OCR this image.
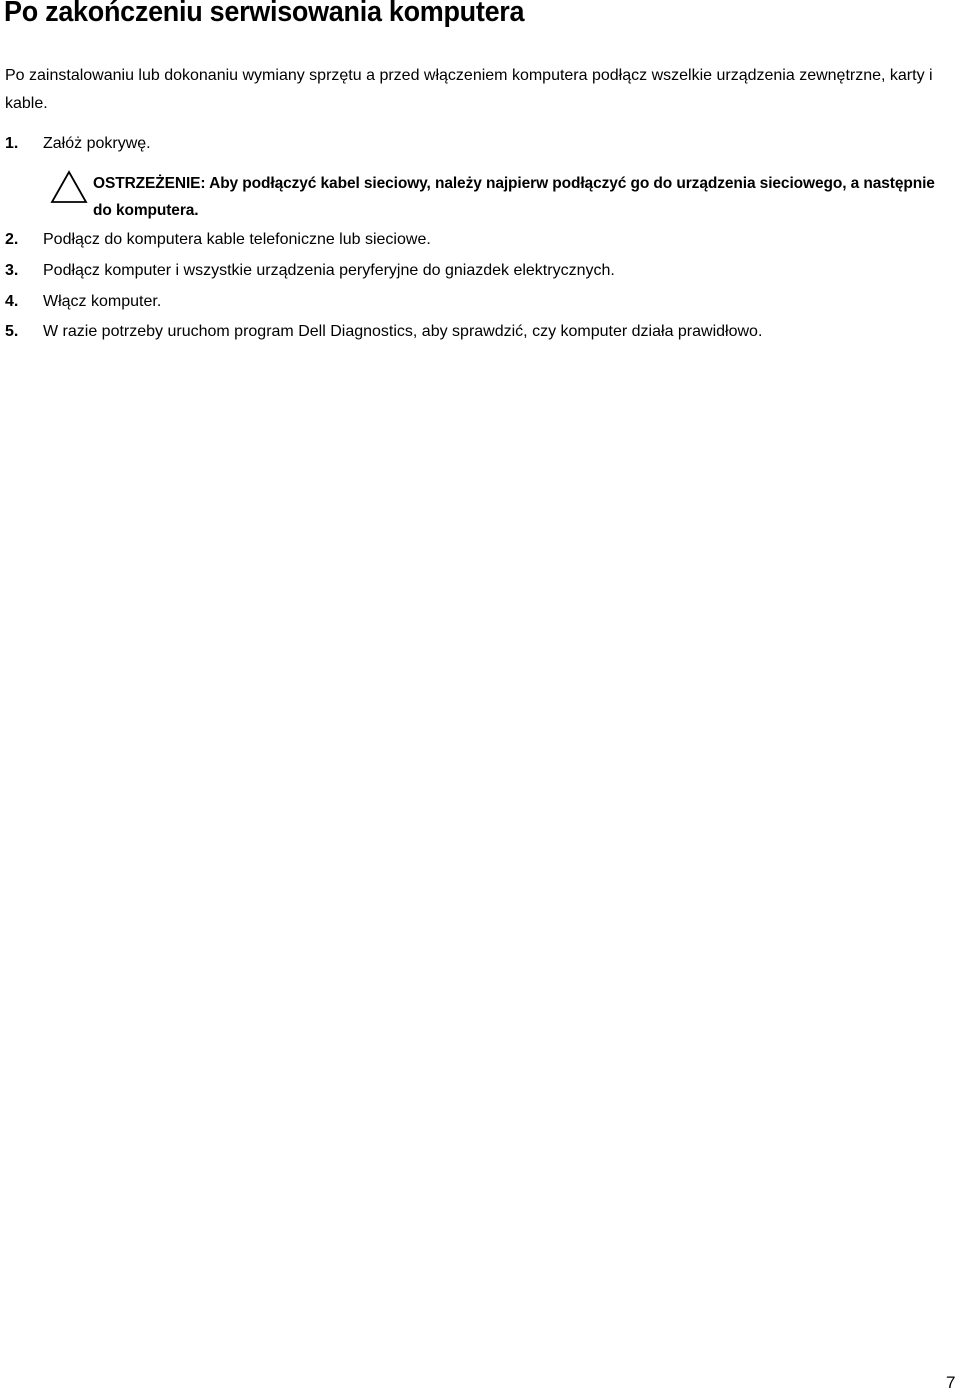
Po zakończeniu serwisowania komputera

Po zainstalowaniu lub dokonaniu wymiany sprzętu a przed włączeniem komputera podłącz wszelkie urządzenia zewnętrzne, karty i kable.

1. Załóż pokrywę.
OSTRZEŻENIE: Aby podłączyć kabel sieciowy, należy najpierw podłączyć go do urządzenia sieciowego, a następnie do komputera.
2. Podłącz do komputera kable telefoniczne lub sieciowe.
3. Podłącz komputer i wszystkie urządzenia peryferyjne do gniazdek elektrycznych.
4. Włącz komputer.
5. W razie potrzeby uruchom program Dell Diagnostics, aby sprawdzić, czy komputer działa prawidłowo.
7
